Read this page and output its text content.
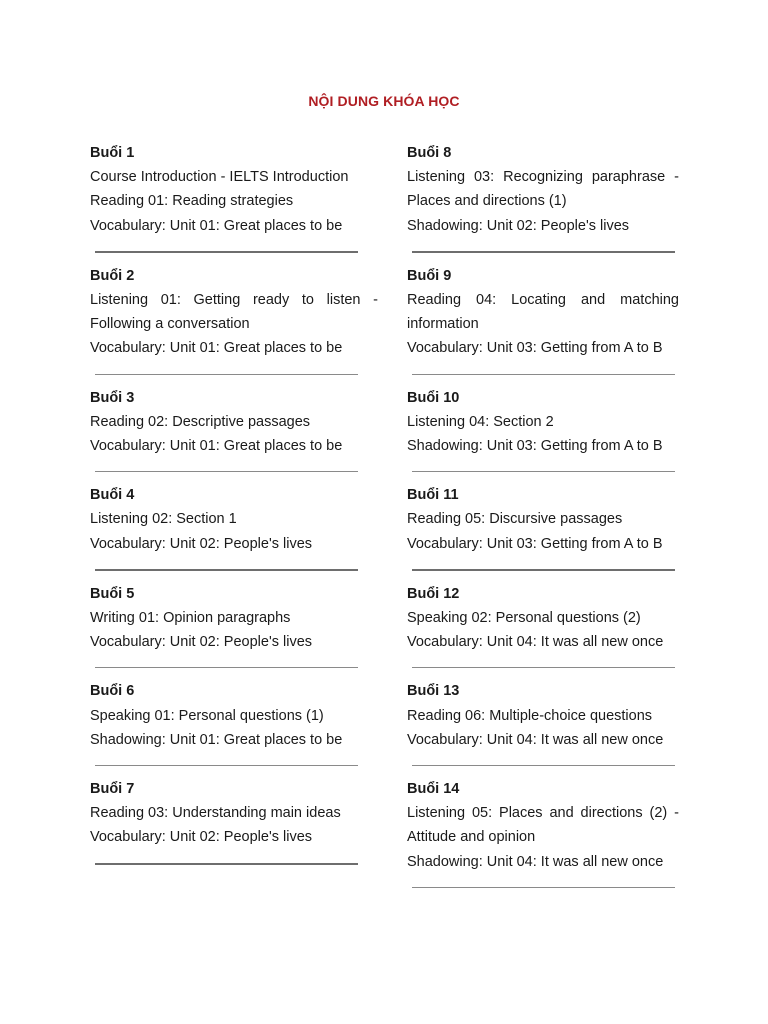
NỘI DUNG KHÓA HỌC
Buổi 1
Course Introduction - IELTS Introduction
Reading 01: Reading strategies
Vocabulary: Unit 01: Great places to be
Buổi 2
Listening 01: Getting ready to listen - Following a conversation
Vocabulary: Unit 01: Great places to be
Buổi 3
Reading 02: Descriptive passages
Vocabulary: Unit 01: Great places to be
Buổi 4
Listening 02: Section 1
Vocabulary: Unit 02: People's lives
Buổi 5
Writing 01: Opinion paragraphs
Vocabulary: Unit 02: People's lives
Buổi 6
Speaking 01: Personal questions (1)
Shadowing: Unit 01: Great places to be
Buổi 7
Reading 03: Understanding main ideas
Vocabulary: Unit 02: People's lives
Buổi 8
Listening 03: Recognizing paraphrase - Places and directions (1)
Shadowing: Unit 02: People's lives
Buổi 9
Reading 04: Locating and matching information
Vocabulary: Unit 03: Getting from A to B
Buổi 10
Listening 04: Section 2
Shadowing: Unit 03: Getting from A to B
Buổi 11
Reading 05: Discursive passages
Vocabulary: Unit 03: Getting from A to B
Buổi 12
Speaking 02: Personal questions (2)
Vocabulary: Unit 04: It was all new once
Buổi 13
Reading 06: Multiple-choice questions
Vocabulary: Unit 04: It was all new once
Buổi 14
Listening 05: Places and directions (2) - Attitude and opinion
Shadowing: Unit 04: It was all new once
